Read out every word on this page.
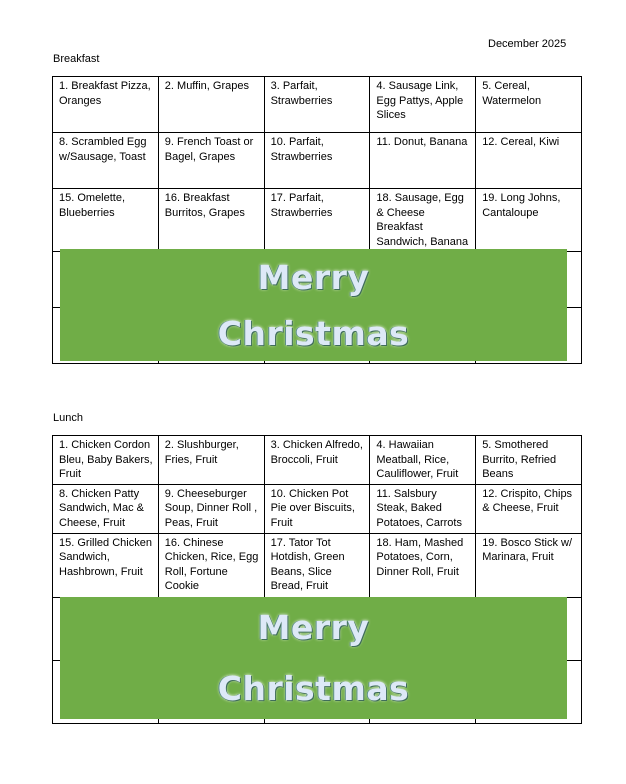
December 2025
Breakfast
1. Breakfast Pizza, Oranges	2. Muffin, Grapes	3. Parfait, Strawberries	4. Sausage Link, Egg Pattys, Apple Slices	5. Cereal, Watermelon
8. Scrambled Egg w/Sausage, Toast	9. French Toast or Bagel, Grapes	10. Parfait, Strawberries	11. Donut, Banana	12. Cereal, Kiwi
15. Omelette, Blueberries	16. Breakfast Burritos, Grapes	17. Parfait, Strawberries	18. Sausage, Egg & Cheese Breakfast Sandwich, Banana	19. Long Johns, Cantaloupe

Merry
Christmas
Lunch
1. Chicken Cordon Bleu, Baby Bakers, Fruit	2. Slushburger, Fries, Fruit	3. Chicken Alfredo, Broccoli, Fruit	4. Hawaiian Meatball, Rice, Cauliflower, Fruit	5. Smothered Burrito, Refried Beans
8. Chicken Patty Sandwich, Mac & Cheese, Fruit	9. Cheeseburger Soup, Dinner Roll , Peas, Fruit	10. Chicken Pot Pie over Biscuits, Fruit	11. Salsbury Steak, Baked Potatoes, Carrots	12. Crispito, Chips & Cheese, Fruit
15. Grilled Chicken Sandwich, Hashbrown, Fruit	16. Chinese Chicken, Rice, Egg Roll, Fortune Cookie	17. Tator Tot Hotdish, Green Beans, Slice Bread, Fruit	18. Ham, Mashed Potatoes, Corn, Dinner Roll, Fruit	19. Bosco Stick w/ Marinara, Fruit

Merry
Christmas
